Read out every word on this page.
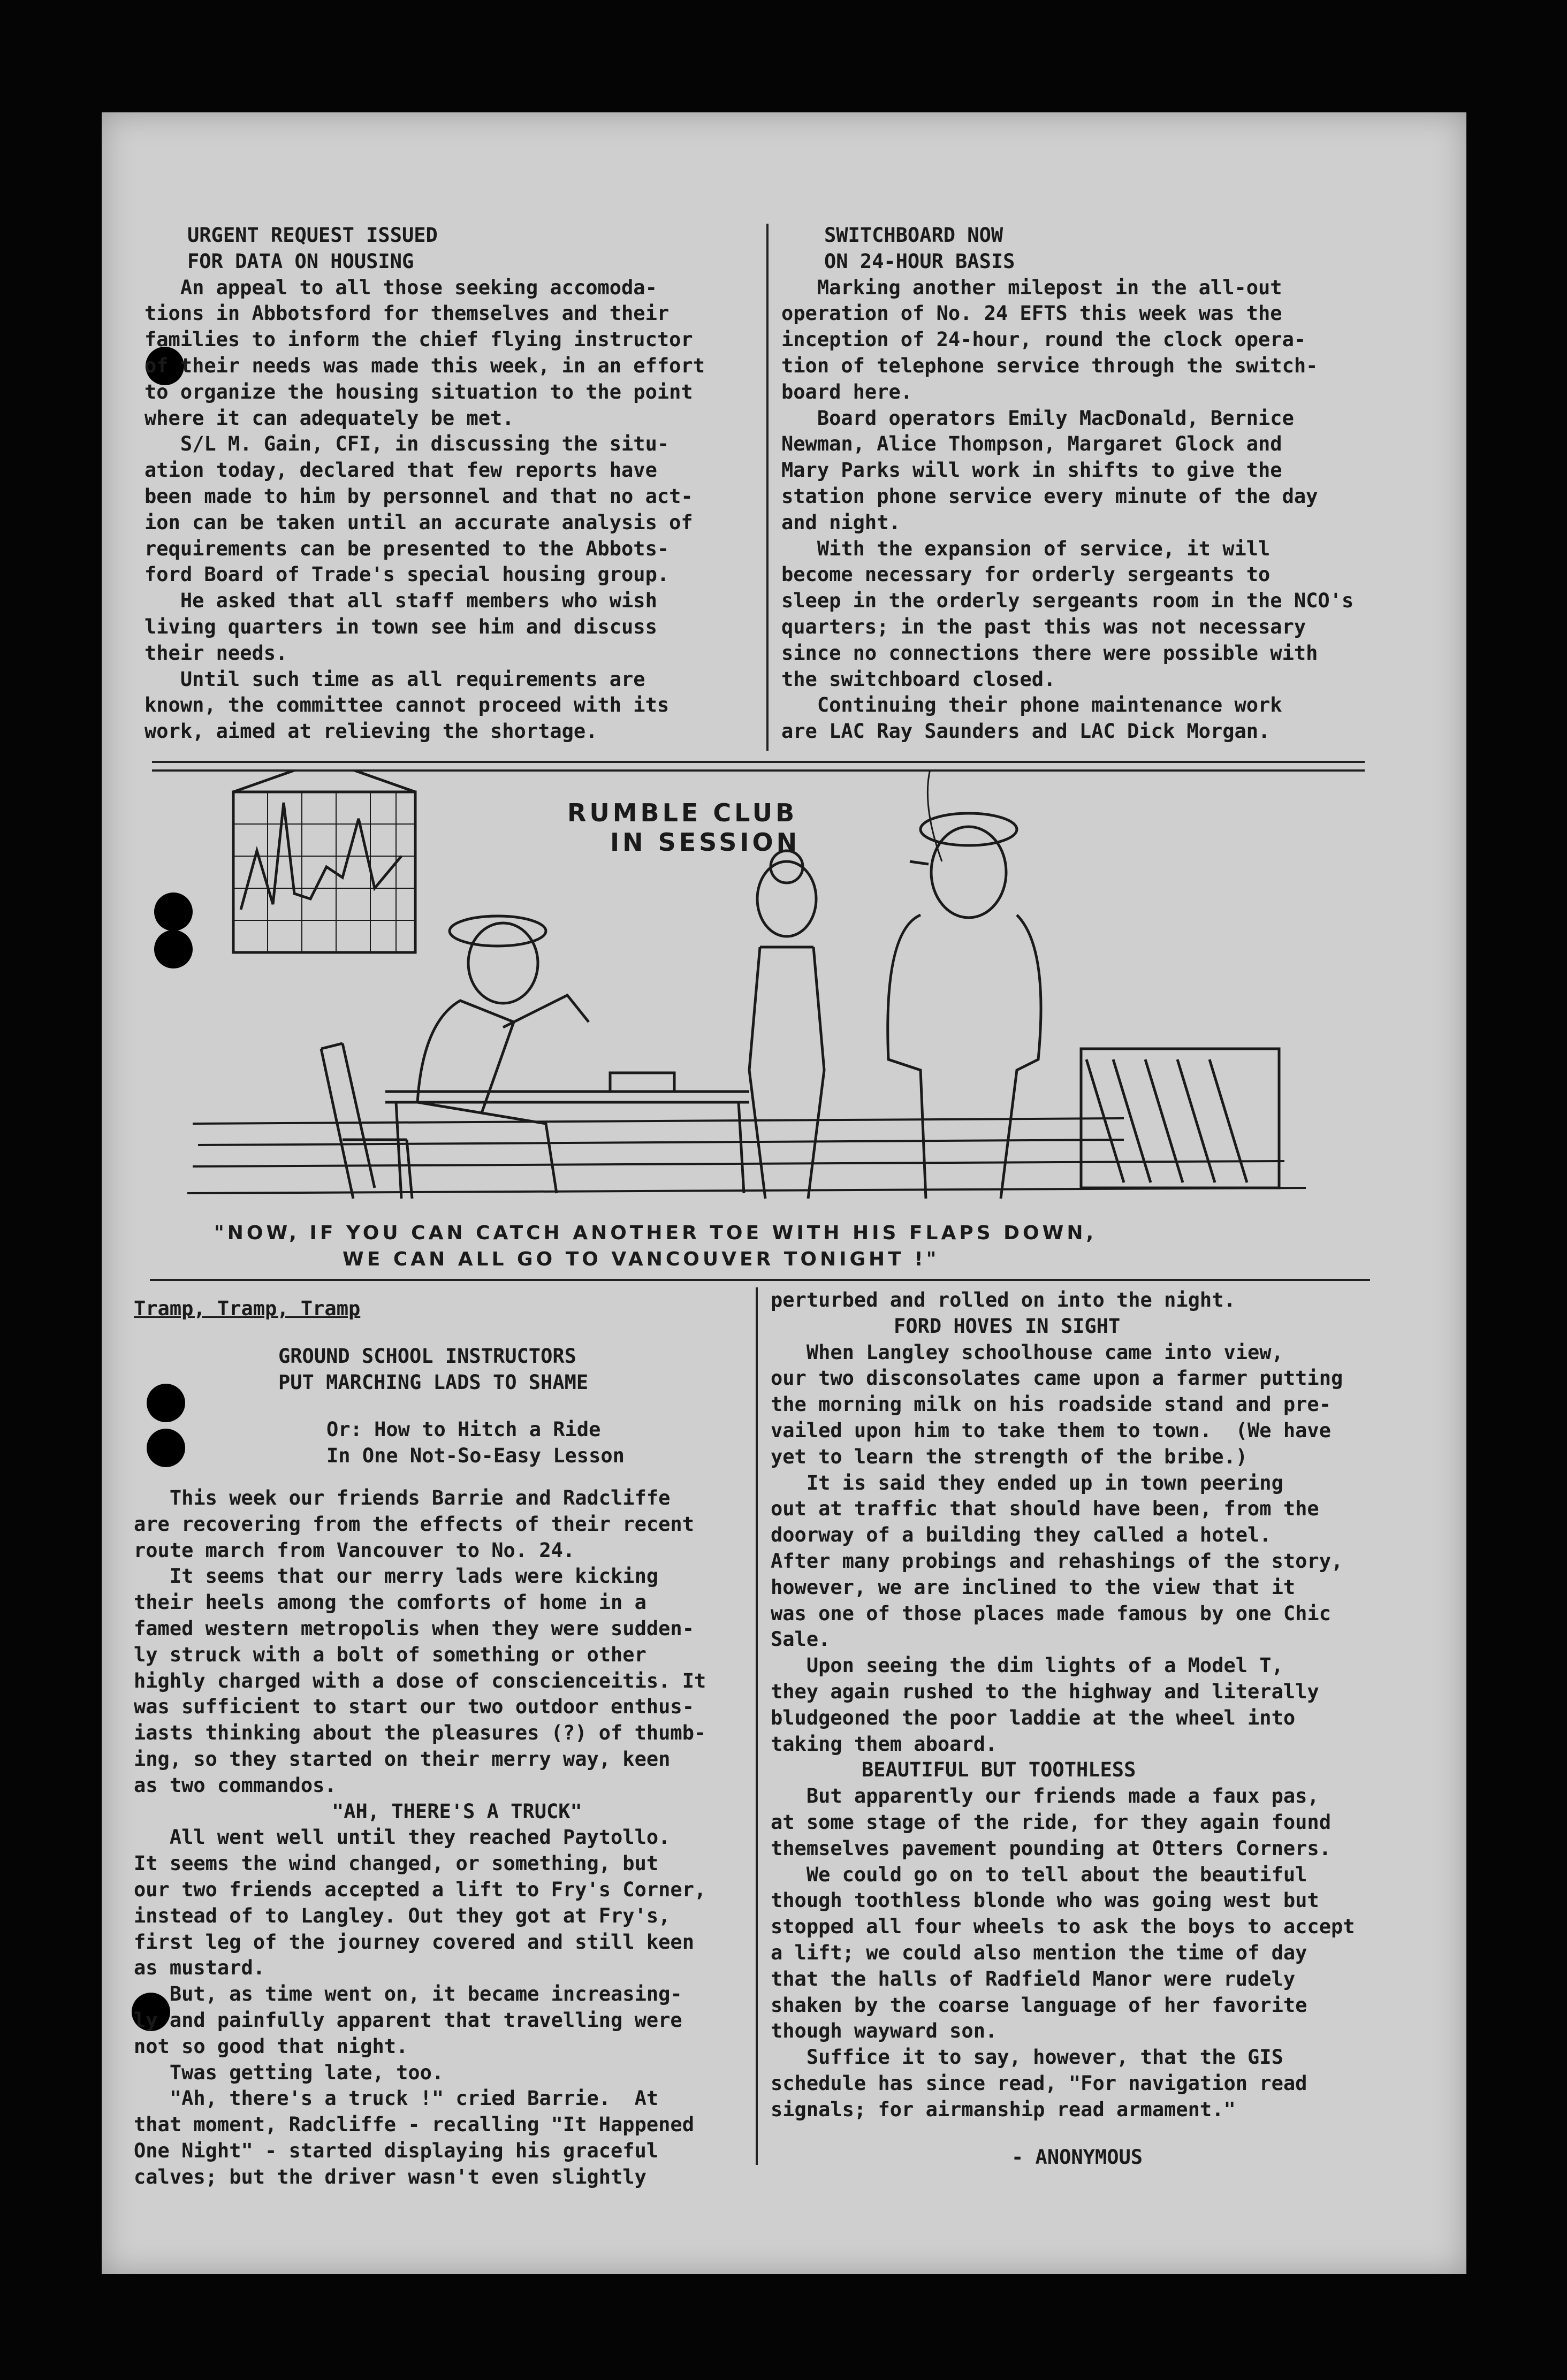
URGENT REQUEST ISSUED

FOR DATA ON HOUSING

An appeal to all those seeking accomoda-

tions in Abbotsford for themselves and their

families to inform the chief flying instructor

of their needs was made this week, in an effort

to organize the housing situation to the point

where it can adequately be met.

S/L M. Gain, CFI, in discussing the situ-

ation today, declared that few reports have

been made to him by personnel and that no act-

ion can be taken until an accurate analysis of

requirements can be presented to the Abbots-

ford Board of Trade's special housing group.

He asked that all staff members who wish

living quarters in town see him and discuss

their needs.

Until such time as all requirements are

known, the committee cannot proceed with its

work, aimed at relieving the shortage.

SWITCHBOARD NOW

ON 24-HOUR BASIS

Marking another milepost in the all-out

operation of No. 24 EFTS this week was the

inception of 24-hour, round the clock opera-

tion of telephone service through the switch-

board here.

Board operators Emily MacDonald, Bernice

Newman, Alice Thompson, Margaret Glock and

Mary Parks will work in shifts to give the

station phone service every minute of the day

and night.

With the expansion of service, it will

become necessary for orderly sergeants to

sleep in the orderly sergeants room in the NCO's

quarters; in the past this was not necessary

since no connections there were possible with

the switchboard closed.

Continuing their phone maintenance work

are LAC Ray Saunders and LAC Dick Morgan.

RUMBLE CLUB
IN SESSION
"NOW, IF YOU CAN CATCH ANOTHER TOE WITH HIS FLAPS DOWN,
WE CAN ALL GO TO VANCOUVER TONIGHT !"

Tramp, Tramp, Tramp

GROUND SCHOOL INSTRUCTORS

PUT MARCHING LADS TO SHAME

Or: How to Hitch a Ride

In One Not-So-Easy Lesson

This week our friends Barrie and Radcliffe

are recovering from the effects of their recent

route march from Vancouver to No. 24.

It seems that our merry lads were kicking

their heels among the comforts of home in a

famed western metropolis when they were sudden-

ly struck with a bolt of something or other

highly charged with a dose of conscienceitis. It

was sufficient to start our two outdoor enthus-

iasts thinking about the pleasures (?) of thumb-

ing, so they started on their merry way, keen

as two commandos.

"AH, THERE'S A TRUCK"

All went well until they reached Paytollo.

It seems the wind changed, or something, but

our two friends accepted a lift to Fry's Corner,

instead of to Langley. Out they got at Fry's,

first leg of the journey covered and still keen

as mustard.

But, as time went on, it became increasing-

ly and painfully apparent that travelling were

not so good that night.

Twas getting late, too.

"Ah, there's a truck !" cried Barrie.  At

that moment, Radcliffe - recalling "It Happened

One Night" - started displaying his graceful

calves; but the driver wasn't even slightly

perturbed and rolled on into the night.

FORD HOVES IN SIGHT

When Langley schoolhouse came into view,

our two disconsolates came upon a farmer putting

the morning milk on his roadside stand and pre-

vailed upon him to take them to town.  (We have

yet to learn the strength of the bribe.)

It is said they ended up in town peering

out at traffic that should have been, from the

doorway of a building they called a hotel.

After many probings and rehashings of the story,

however, we are inclined to the view that it

was one of those places made famous by one Chic

Sale.

Upon seeing the dim lights of a Model T,

they again rushed to the highway and literally

bludgeoned the poor laddie at the wheel into

taking them aboard.

BEAUTIFUL BUT TOOTHLESS

But apparently our friends made a faux pas,

at some stage of the ride, for they again found

themselves pavement pounding at Otters Corners.

We could go on to tell about the beautiful

though toothless blonde who was going west but

stopped all four wheels to ask the boys to accept

a lift; we could also mention the time of day

that the halls of Radfield Manor were rudely

shaken by the coarse language of her favorite

though wayward son.

Suffice it to say, however, that the GIS

schedule has since read, "For navigation read

signals; for airmanship read armament."

- ANONYMOUS
